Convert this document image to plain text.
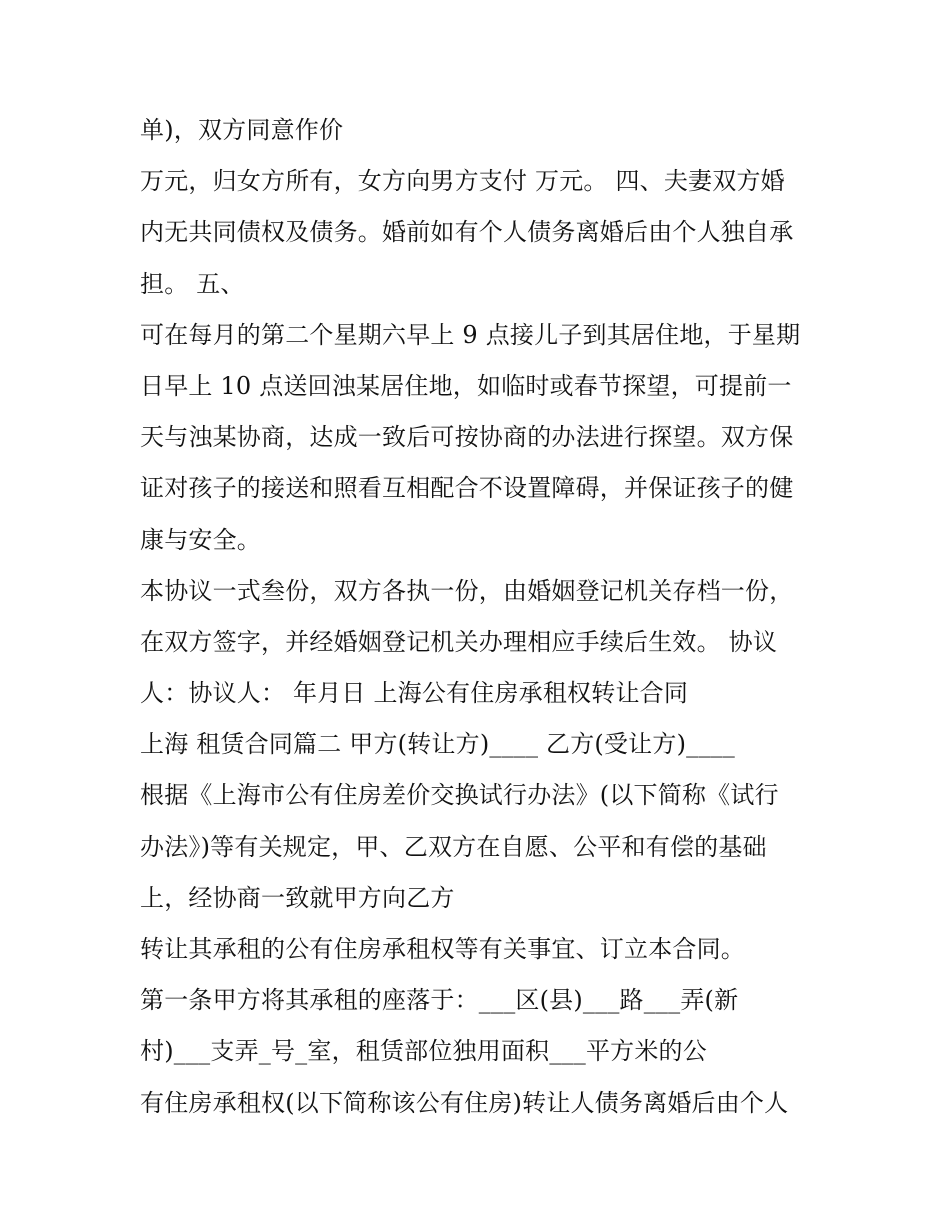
单)，双方同意作价
万元，归女方所有，女方向男方支付 万元。 四、夫妻双方婚
内无共同债权及债务。婚前如有个人债务离婚后由个人独自承
担。 五、
可在每月的第二个星期六早上 9 点接儿子到其居住地，于星期
日早上 10 点送回浊某居住地，如临时或春节探望，可提前一
天与浊某协商，达成一致后可按协商的办法进行探望。双方保
证对孩子的接送和照看互相配合不设置障碍，并保证孩子的健
康与安全。
本协议一式叁份，双方各执一份，由婚姻登记机关存档一份，
在双方签字，并经婚姻登记机关办理相应手续后生效。 协议
人：协议人： 年月日 上海公有住房承租权转让合同
上海 租赁合同篇二 甲方(转让方)____ 乙方(受让方)____
根据《上海市公有住房差价交换试行办法》(以下简称《试行
办法》)等有关规定，甲、乙双方在自愿、公平和有偿的基础
上，经协商一致就甲方向乙方
转让其承租的公有住房承租权等有关事宜、订立本合同。
第一条甲方将其承租的座落于：___区(县)___路___弄(新
村)___支弄_号_室，租赁部位独用面积___平方米的公
有住房承租权(以下简称该公有住房)转让人债务离婚后由个人
